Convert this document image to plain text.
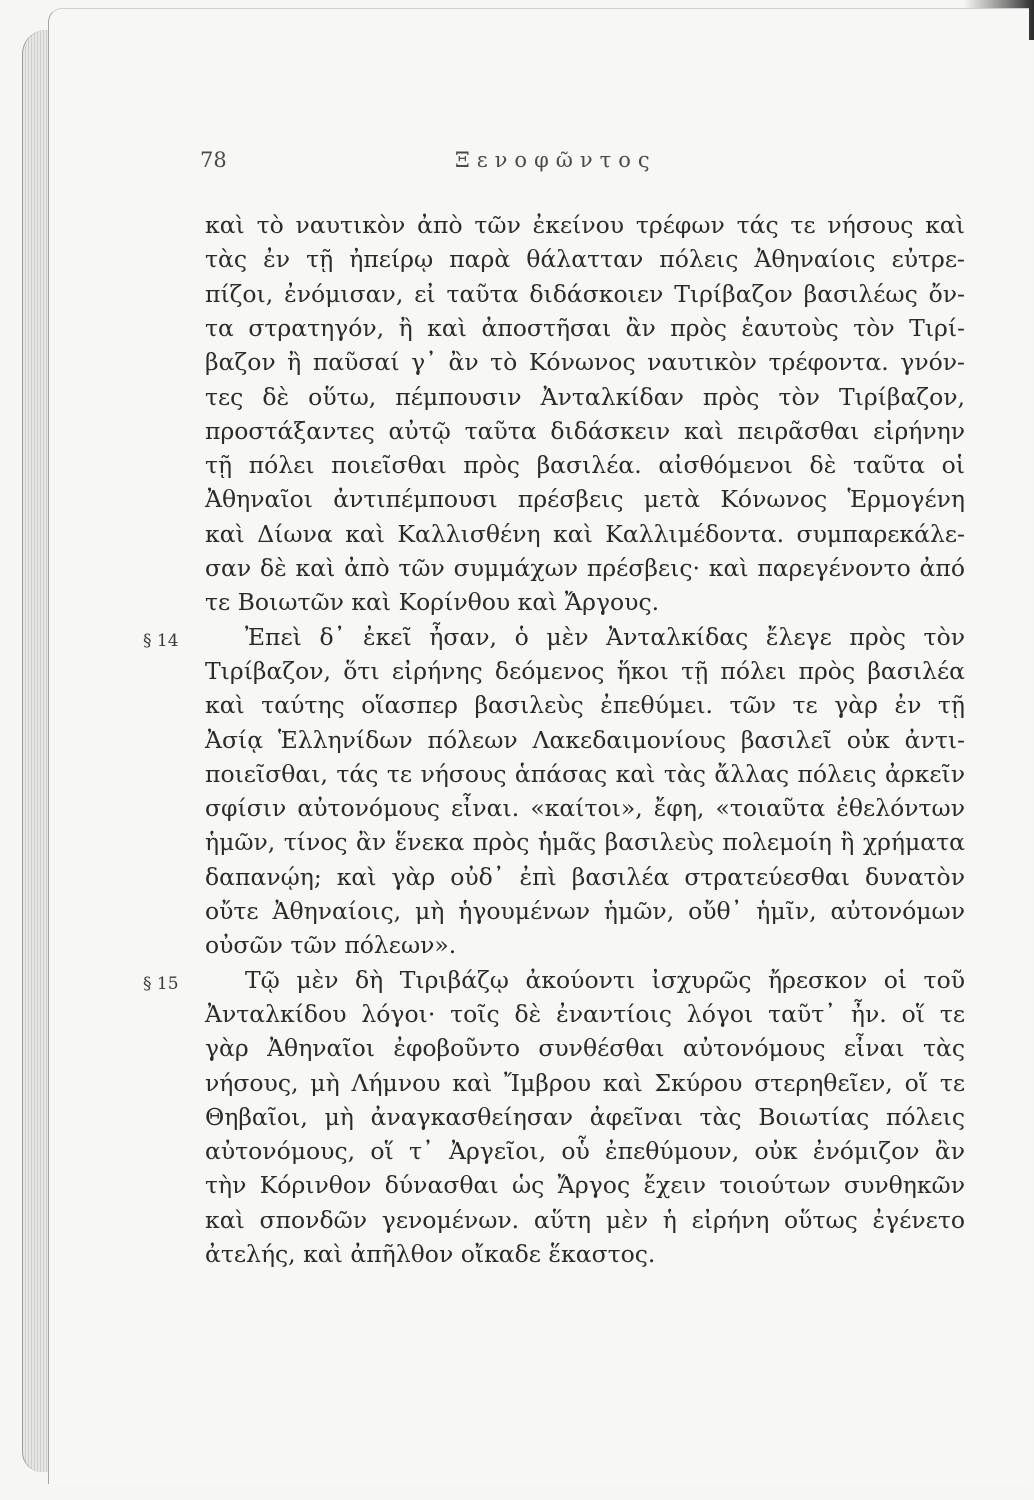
78	Ξενοφῶντος
καὶ τὸ ναυτικὸν ἀπὸ τῶν ἐκείνου τρέφων τάς τε νήσους καὶ
τὰς ἐν τῇ ἠπείρῳ παρὰ θάλατταν πόλεις Ἀθηναίοις εὐτρε-
πίζοι, ἐνόμισαν, εἰ ταῦτα διδάσκοιεν Τιρίβαζον βασιλέως ὄν-
τα στρατηγόν, ἢ καὶ ἀποστῆσαι ἂν πρὸς ἑαυτοὺς τὸν Τιρί-
βαζον ἢ παῦσαί γ᾽ ἂν τὸ Κόνωνος ναυτικὸν τρέφοντα. γνόν-
τες δὲ οὕτω, πέμπουσιν Ἀνταλκίδαν πρὸς τὸν Τιρίβαζον,
προστάξαντες αὐτῷ ταῦτα διδάσκειν καὶ πειρᾶσθαι εἰρήνην
τῇ πόλει ποιεῖσθαι πρὸς βασιλέα. αἰσθόμενοι δὲ ταῦτα οἱ
Ἀθηναῖοι ἀντιπέμπουσι πρέσβεις μετὰ Κόνωνος Ἑρμογένη
καὶ Δίωνα καὶ Καλλισθένη καὶ Καλλιμέδοντα. συμπαρεκάλε-
σαν δὲ καὶ ἀπὸ τῶν συμμάχων πρέσβεις· καὶ παρεγένοντο ἀπό
τε Βοιωτῶν καὶ Κορίνθου καὶ Ἄργους.
Ἐπεὶ δ᾽ ἐκεῖ ἦσαν, ὁ μὲν Ἀνταλκίδας ἔλεγε πρὸς τὸν
§ 14
Τιρίβαζον, ὅτι εἰρήνης δεόμενος ἥκοι τῇ πόλει πρὸς βασιλέα
καὶ ταύτης οἵασπερ βασιλεὺς ἐπεθύμει. τῶν τε γὰρ ἐν τῇ
Ἀσίᾳ Ἑλληνίδων πόλεων Λακεδαιμονίους βασιλεῖ οὐκ ἀντι-
ποιεῖσθαι, τάς τε νήσους ἁπάσας καὶ τὰς ἄλλας πόλεις ἀρκεῖν
σφίσιν αὐτονόμους εἶναι. «καίτοι», ἔφη, «τοιαῦτα ἐθελόντων
ἡμῶν, τίνος ἂν ἕνεκα πρὸς ἡμᾶς βασιλεὺς πολεμοίη ἢ χρήματα
δαπανῴη; καὶ γὰρ οὐδ᾽ ἐπὶ βασιλέα στρατεύεσθαι δυνατὸν
οὔτε Ἀθηναίοις, μὴ ἡγουμένων ἡμῶν, οὔθ᾽ ἡμῖν, αὐτονόμων
οὐσῶν τῶν πόλεων».
Τῷ μὲν δὴ Τιριβάζῳ ἀκούοντι ἰσχυρῶς ἤρεσκον οἱ τοῦ
§ 15
Ἀνταλκίδου λόγοι· τοῖς δὲ ἐναντίοις λόγοι ταῦτ᾽ ἦν. οἵ τε
γὰρ Ἀθηναῖοι ἐφοβοῦντο συνθέσθαι αὐτονόμους εἶναι τὰς
νήσους, μὴ Λήμνου καὶ Ἴμβρου καὶ Σκύρου στερηθεῖεν, οἵ τε
Θηβαῖοι, μὴ ἀναγκασθείησαν ἀφεῖναι τὰς Βοιωτίας πόλεις
αὐτονόμους, οἵ τ᾽ Ἀργεῖοι, οὗ ἐπεθύμουν, οὐκ ἐνόμιζον ἂν
τὴν Κόρινθον δύνασθαι ὡς Ἄργος ἔχειν τοιούτων συνθηκῶν
καὶ σπονδῶν γενομένων. αὕτη μὲν ἡ εἰρήνη οὕτως ἐγένετο
ἀτελής, καὶ ἀπῆλθον οἴκαδε ἕκαστος.
